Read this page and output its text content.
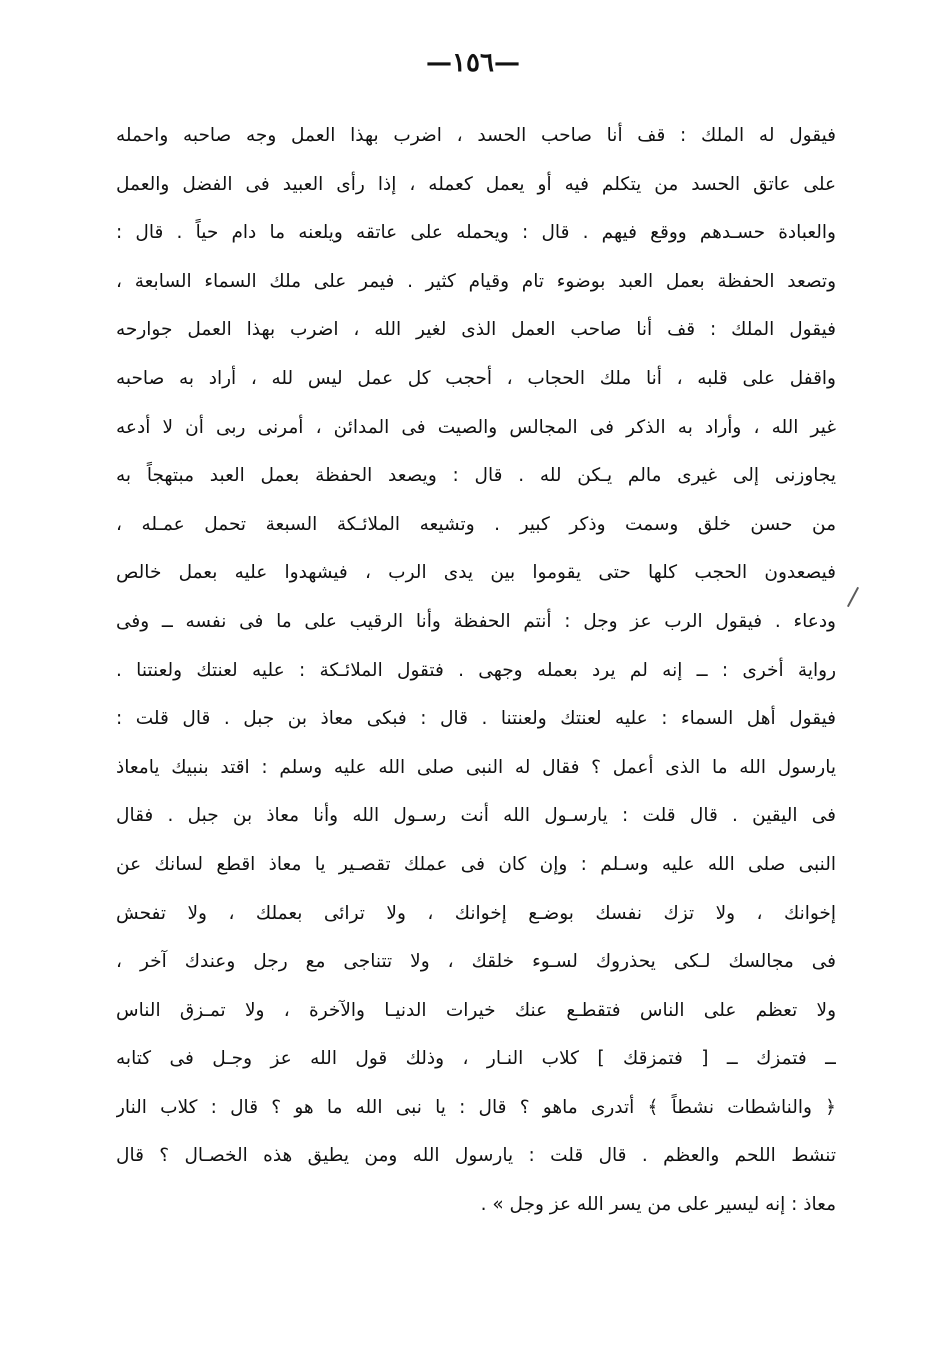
—١٥٦—
فيقول له الملك : قف أنا صاحب الحسد ، اضرب بهذا العمل وجه صاحبه واحمله
على عاتق الحسد من يتكلم فيه أو يعمل كعمله ، إذا رأى العبيد فى الفضل والعمل
والعبادة حسـدهم ووقع فيهم . قال : ويحمله على عاتقه ويلعنه ما دام حياً . قال :
وتصعد الحفظة بعمل العبد بوضوء تام وقيام كثير . فيمر على ملك السماء السابعة ،
فيقول الملك : قف أنا صاحب العمل الذى لغير الله ، اضرب بهذا العمل جوارحه
واقفل على قلبه ، أنا ملك الحجاب ، أحجب كل عمل ليس لله ، أراد به صاحبه
غير الله ، وأراد به الذكر فى المجالس والصيت فى المدائن ، أمرنى ربى أن لا أدعه
يجاوزنى إلى غيرى مالم يـكن لله . قال : ويصعد الحفظة بعمل العبد مبتهجاً به
من حسن خلق وسمت وذكر كبير . وتشيعه الملائـكة السبعة تحمل عمـله ،
فيصعدون الحجب كلها حتى يقوموا بين يدى الرب ، فيشهدوا عليه بعمل خالص
ودعاء . فيقول الرب عز وجل : أنتم الحفظة وأنا الرقيب على ما فى نفسه ــ وفى
رواية أخرى : ــ إنه لم يرد بعمله وجهى . فتقول الملائـكة : عليه لعنتك ولعنتنا .
فيقول أهل السماء : عليه لعنتك ولعنتنا . قال : فبكى معاذ بن جبل . قال قلت :
يارسول الله ما الذى أعمل ؟ فقال له النبى صلى الله عليه وسلم : اقتد بنبيك يامعاذ
فى اليقين . قال قلت : يارسـول الله أنت رسـول الله وأنا معاذ بن جبل . فقال
النبى صلى الله عليه وسـلم : وإن كان فى عملك تقصـير يا معاذ اقطع لسانك عن
إخوانك ، ولا تزك نفسك بوضـع إخوانك ، ولا ترائى بعملك ، ولا تفحش
فى مجالسك لـكى يحذروك لسـوء خلقك ، ولا تتناجى مع رجل وعندك آخر ،
ولا تعظم على الناس فتقطـع عنك خيرات الدنيـا والآخرة ، ولا تمـزق الناس
ــ فتمزك ــ [ فتمزقك ] كلاب النـار ، وذلك قول الله عز وجـل فى كتابه
﴿ والناشطات نشطاً ﴾ أتدرى ماهو ؟ قال : يا نبى الله ما هو ؟ قال : كلاب النار
تنشط اللحم والعظم . قال قلت : يارسول الله ومن يطيق هذه الخصـال ؟ قال
معاذ : إنه ليسير على من يسر الله عز وجل » .
